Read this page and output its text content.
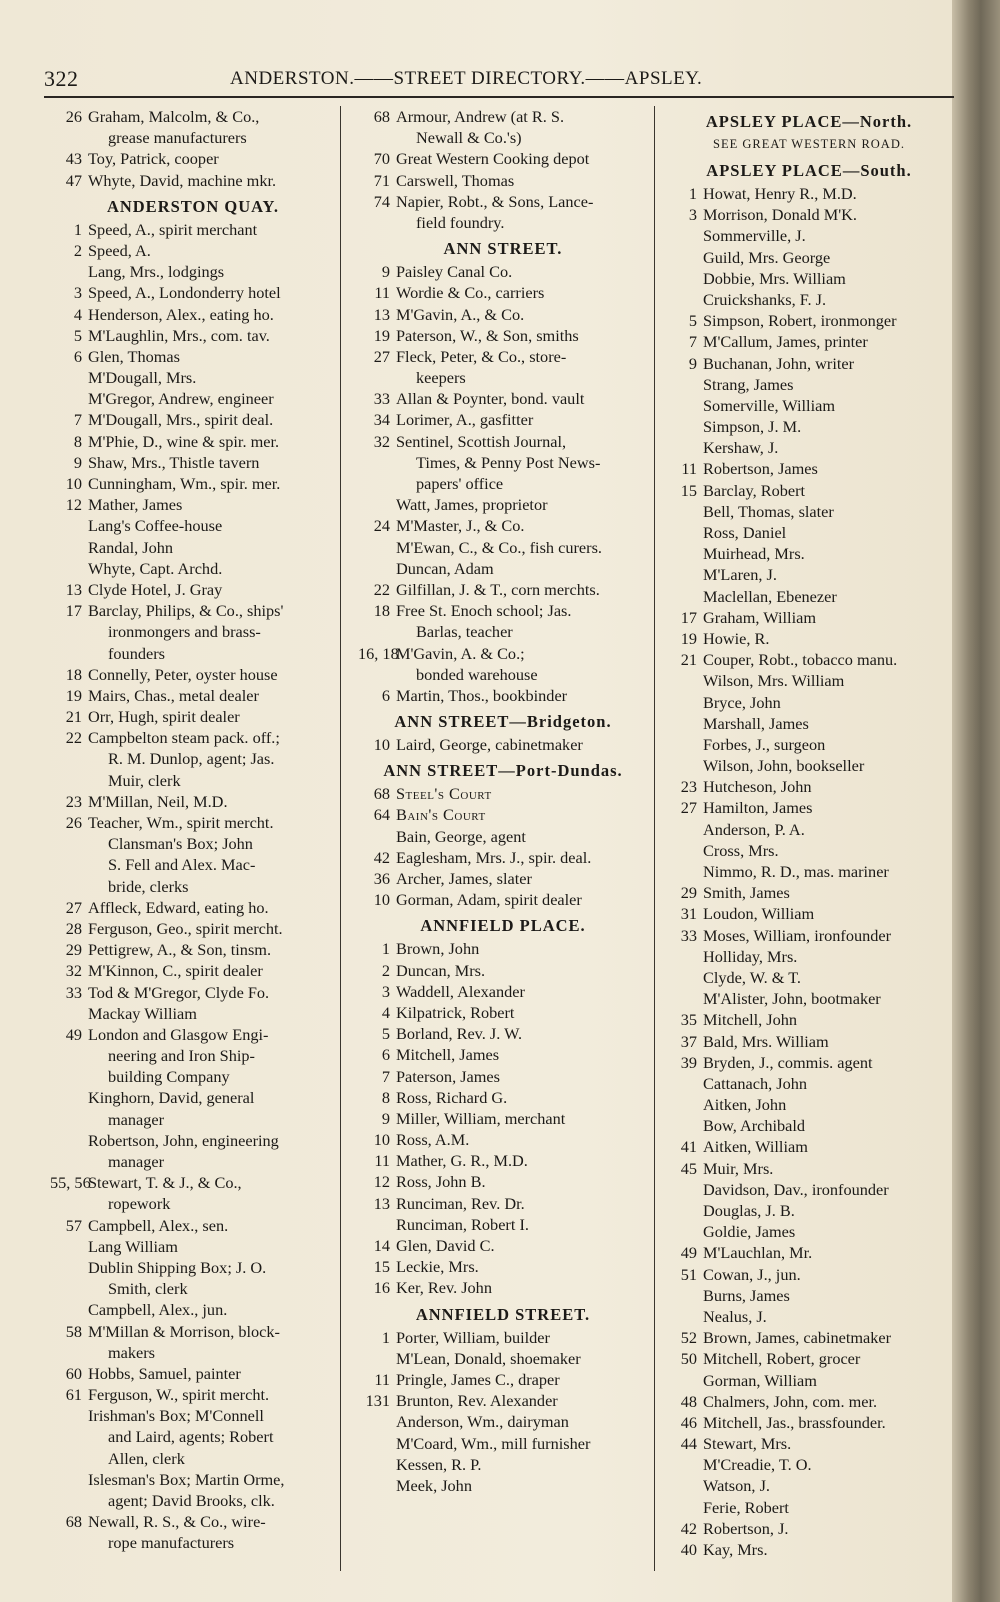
322	ANDERSTON.——STREET DIRECTORY.——APSLEY.
26 Graham, Malcolm, & Co.,
grease manufacturers
43 Toy, Patrick, cooper
47 Whyte, David, machine mkr.
ANDERSTON QUAY.
1 Speed, A., spirit merchant
2 Speed, A.
Lang, Mrs., lodgings
3 Speed, A., Londonderry hotel
4 Henderson, Alex., eating ho.
5 M'Laughlin, Mrs., com. tav.
6 Glen, Thomas
M'Dougall, Mrs.
M'Gregor, Andrew, engineer
7 M'Dougall, Mrs., spirit deal.
8 M'Phie, D., wine & spir. mer.
9 Shaw, Mrs., Thistle tavern
10 Cunningham, Wm., spir. mer.
12 Mather, James
Lang's Coffee-house
Randal, John
Whyte, Capt. Archd.
13 Clyde Hotel, J. Gray
17 Barclay, Philips, & Co., ships'
ironmongers and brass-
founders
18 Connelly, Peter, oyster house
19 Mairs, Chas., metal dealer
21 Orr, Hugh, spirit dealer
22 Campbelton steam pack. off.;
R. M. Dunlop, agent; Jas.
Muir, clerk
23 M'Millan, Neil, M.D.
26 Teacher, Wm., spirit mercht.
Clansman's Box; John
S. Fell and Alex. Mac-
bride, clerks
27 Affleck, Edward, eating ho.
28 Ferguson, Geo., spirit mercht.
29 Pettigrew, A., & Son, tinsm.
32 M'Kinnon, C., spirit dealer
33 Tod & M'Gregor, Clyde Fo.
Mackay William
49 London and Glasgow Engi-
neering and Iron Ship-
building Company
Kinghorn, David, general
manager
Robertson, John, engineering
manager
55, 56Stewart, T. & J., & Co.,
ropework
57 Campbell, Alex., sen.
Lang William
Dublin Shipping Box; J. O.
Smith, clerk
Campbell, Alex., jun.
58 M'Millan & Morrison, block-
makers
60 Hobbs, Samuel, painter
61 Ferguson, W., spirit mercht.
Irishman's Box; M'Connell
and Laird, agents; Robert
Allen, clerk
Islesman's Box; Martin Orme,
agent; David Brooks, clk.
68 Newall, R. S., & Co., wire-
rope manufacturers
68 Armour, Andrew (at R. S.
Newall & Co.'s)
70 Great Western Cooking depot
71 Carswell, Thomas
74 Napier, Robt., & Sons, Lance-
field foundry.
ANN STREET.
9 Paisley Canal Co.
11 Wordie & Co., carriers
13 M'Gavin, A., & Co.
19 Paterson, W., & Son, smiths
27 Fleck, Peter, & Co., store-
keepers
33 Allan & Poynter, bond. vault
34 Lorimer, A., gasfitter
32 Sentinel, Scottish Journal,
Times, & Penny Post News-
papers' office
Watt, James, proprietor
24 M'Master, J., & Co.
M'Ewan, C., & Co., fish curers.
Duncan, Adam
22 Gilfillan, J. & T., corn merchts.
18 Free St. Enoch school; Jas.
Barlas, teacher
16, 18M'Gavin, A. & Co.;
bonded warehouse
6 Martin, Thos., bookbinder
ANN STREET—Bridgeton.
10 Laird, George, cabinetmaker
ANN STREET—Port-Dundas.
68 Steel's Court
64 Bain's Court
Bain, George, agent
42 Eaglesham, Mrs. J., spir. deal.
36 Archer, James, slater
10 Gorman, Adam, spirit dealer
ANNFIELD PLACE.
1 Brown, John
2 Duncan, Mrs.
3 Waddell, Alexander
4 Kilpatrick, Robert
5 Borland, Rev. J. W.
6 Mitchell, James
7 Paterson, James
8 Ross, Richard G.
9 Miller, William, merchant
10 Ross, A.M.
11 Mather, G. R., M.D.
12 Ross, John B.
13 Runciman, Rev. Dr.
Runciman, Robert I.
14 Glen, David C.
15 Leckie, Mrs.
16 Ker, Rev. John
ANNFIELD STREET.
1 Porter, William, builder
M'Lean, Donald, shoemaker
11 Pringle, James C., draper
131 Brunton, Rev. Alexander
Anderson, Wm., dairyman
M'Coard, Wm., mill furnisher
Kessen, R. P.
Meek, John
APSLEY PLACE—North.
SEE GREAT WESTERN ROAD.
APSLEY PLACE—South.
1 Howat, Henry R., M.D.
3 Morrison, Donald M'K.
Sommerville, J.
Guild, Mrs. George
Dobbie, Mrs. William
Cruickshanks, F. J.
5 Simpson, Robert, ironmonger
7 M'Callum, James, printer
9 Buchanan, John, writer
Strang, James
Somerville, William
Simpson, J. M.
Kershaw, J.
11 Robertson, James
15 Barclay, Robert
Bell, Thomas, slater
Ross, Daniel
Muirhead, Mrs.
M'Laren, J.
Maclellan, Ebenezer
17 Graham, William
19 Howie, R.
21 Couper, Robt., tobacco manu.
Wilson, Mrs. William
Bryce, John
Marshall, James
Forbes, J., surgeon
Wilson, John, bookseller
23 Hutcheson, John
27 Hamilton, James
Anderson, P. A.
Cross, Mrs.
Nimmo, R. D., mas. mariner
29 Smith, James
31 Loudon, William
33 Moses, William, ironfounder
Holliday, Mrs.
Clyde, W. & T.
M'Alister, John, bootmaker
35 Mitchell, John
37 Bald, Mrs. William
39 Bryden, J., commis. agent
Cattanach, John
Aitken, John
Bow, Archibald
41 Aitken, William
45 Muir, Mrs.
Davidson, Dav., ironfounder
Douglas, J. B.
Goldie, James
49 M'Lauchlan, Mr.
51 Cowan, J., jun.
Burns, James
Nealus, J.
52 Brown, James, cabinetmaker
50 Mitchell, Robert, grocer
Gorman, William
48 Chalmers, John, com. mer.
46 Mitchell, Jas., brassfounder.
44 Stewart, Mrs.
M'Creadie, T. O.
Watson, J.
Ferie, Robert
42 Robertson, J.
40 Kay, Mrs.
